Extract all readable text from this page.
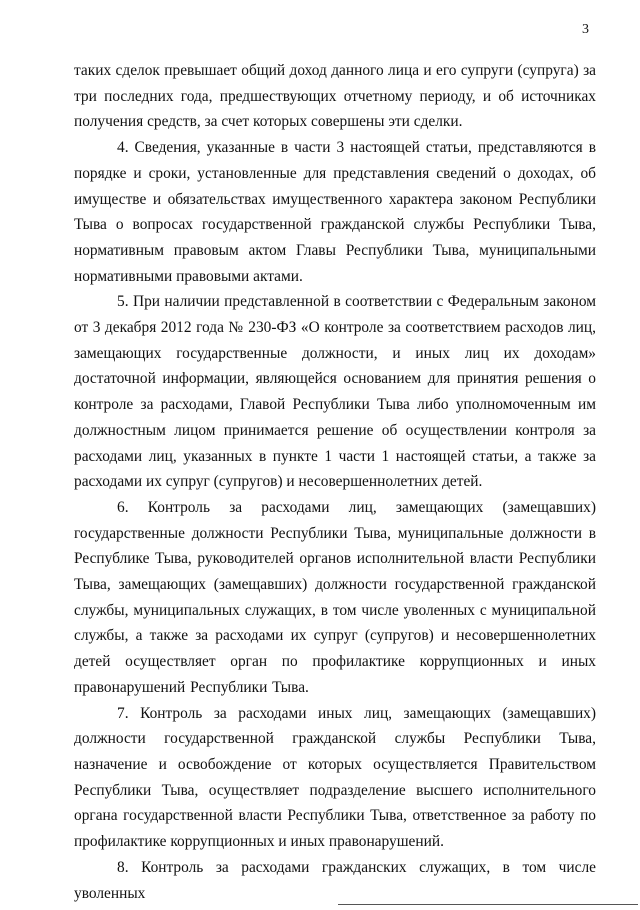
3

таких сделок превышает общий доход данного лица и его супруги (супруга) за три последних года, предшествующих отчетному периоду, и об источниках получения средств, за счет которых совершены эти сделки.

4. Сведения, указанные в части 3 настоящей статьи, представляются в порядке и сроки, установленные для представления сведений о доходах, об имуществе и обязательствах имущественного характера законом Республики Тыва о вопросах государственной гражданской службы Республики Тыва, нормативным правовым актом Главы Республики Тыва, муниципальными нормативными правовыми актами.

5. При наличии представленной в соответствии с Федеральным законом от 3 декабря 2012 года № 230-ФЗ «О контроле за соответствием расходов лиц, замещающих государственные должности, и иных лиц их доходам» достаточной информации, являющейся основанием для принятия решения о контроле за расходами, Главой Республики Тыва либо уполномоченным им должностным лицом принимается решение об осуществлении контроля за расходами лиц, указанных в пункте 1 части 1 настоящей статьи, а также за расходами их супруг (супругов) и несовершеннолетних детей.

6. Контроль за расходами лиц, замещающих (замещавших) государственные должности Республики Тыва, муниципальные должности в Республике Тыва, руководителей органов исполнительной власти Республики Тыва, замещающих (замещавших) должности государственной гражданской службы, муниципальных служащих, в том числе уволенных с муниципальной службы, а также за расходами их супруг (супругов) и несовершеннолетних детей осуществляет орган по профилактике коррупционных и иных правонарушений Республики Тыва.

7. Контроль за расходами иных лиц, замещающих (замещавших) должности государственной гражданской службы Республики Тыва, назначение и освобождение от которых осуществляется Правительством Республики Тыва, осуществляет подразделение высшего исполнительного органа государственной власти Республики Тыва, ответственное за работу по профилактике коррупционных и иных правонарушений.

8. Контроль за расходами гражданских служащих, в том числе уволенных
